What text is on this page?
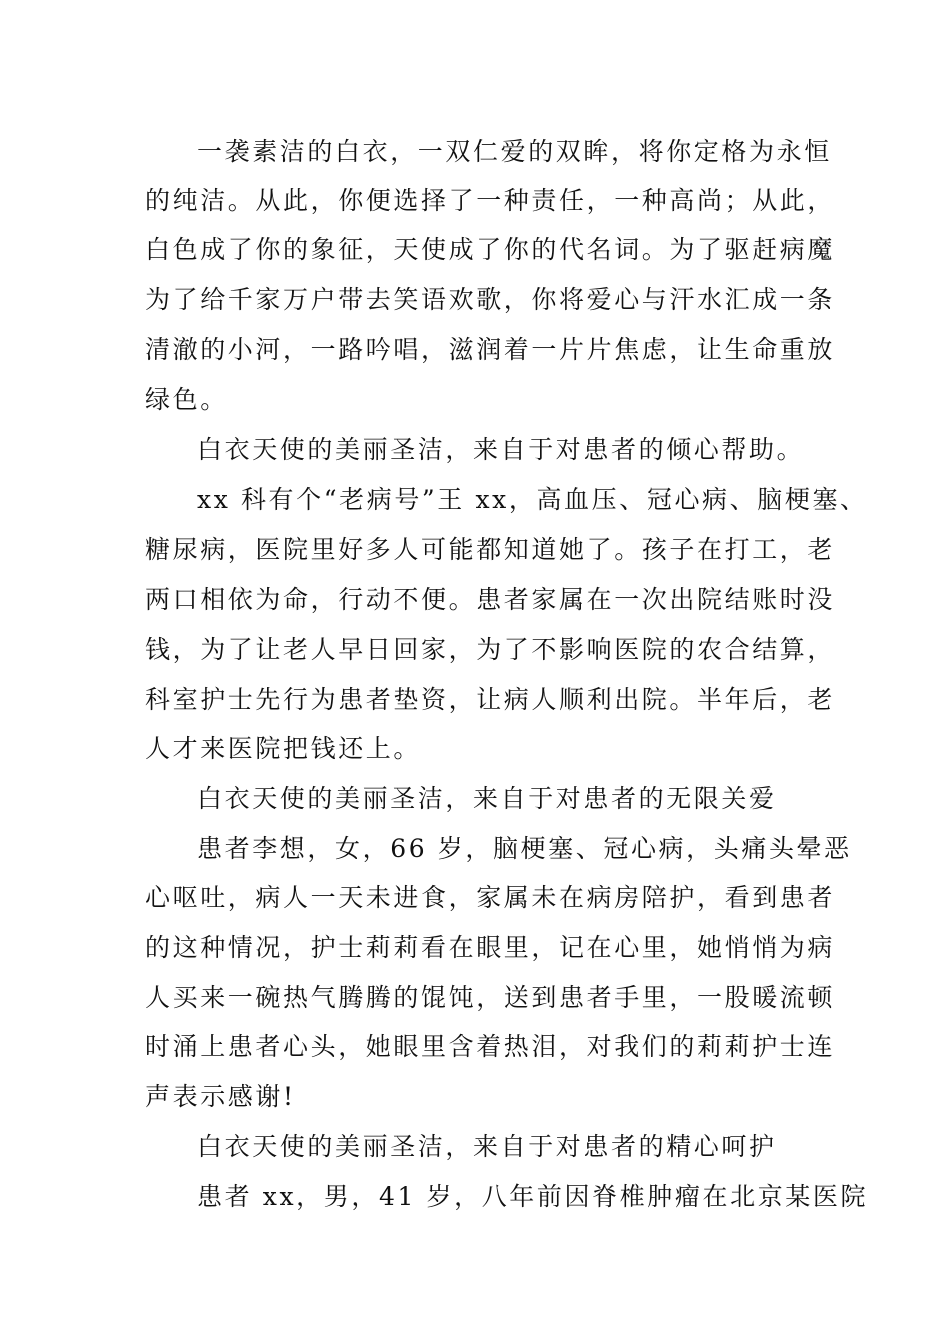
一袭素洁的白衣，一双仁爱的双眸，将你定格为永恒
的纯洁。从此，你便选择了一种责任，一种高尚；从此，
白色成了你的象征，天使成了你的代名词。为了驱赶病魔
为了给千家万户带去笑语欢歌，你将爱心与汗水汇成一条
清澈的小河，一路吟唱，滋润着一片片焦虑，让生命重放
绿色。
白衣天使的美丽圣洁，来自于对患者的倾心帮助。
xx 科有个“老病号”王 xx，高血压、冠心病、脑梗塞、
糖尿病，医院里好多人可能都知道她了。孩子在打工，老
两口相依为命，行动不便。患者家属在一次出院结账时没
钱，为了让老人早日回家，为了不影响医院的农合结算，
科室护士先行为患者垫资，让病人顺利出院。半年后，老
人才来医院把钱还上。
白衣天使的美丽圣洁，来自于对患者的无限关爱
患者李想，女，66 岁，脑梗塞、冠心病，头痛头晕恶
心呕吐，病人一天未进食，家属未在病房陪护，看到患者
的这种情况，护士莉莉看在眼里，记在心里，她悄悄为病
人买来一碗热气腾腾的馄饨，送到患者手里，一股暖流顿
时涌上患者心头，她眼里含着热泪，对我们的莉莉护士连
声表示感谢!
白衣天使的美丽圣洁，来自于对患者的精心呵护
患者 xx，男，41 岁，八年前因脊椎肿瘤在北京某医院
